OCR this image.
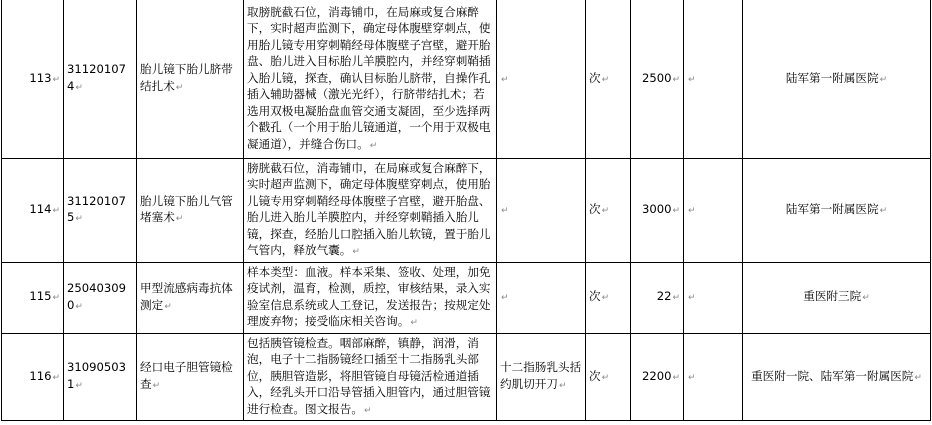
113↵	311201074↵	胎儿镜下胎儿脐带结扎术↵	取膀胱截石位，消毒铺巾，在局麻或复合麻醉下，实时超声监测下，确定母体腹壁穿刺点，使用胎儿镜专用穿刺鞘经母体腹壁子宫壁，避开胎盘、胎儿进入目标胎儿羊膜腔内，并经穿刺鞘插入胎儿镜，探查，确认目标胎儿脐带，自操作孔插入辅助器械（激光光纤），行脐带结扎术；若选用双极电凝胎盘血管交通支凝固，至少选择两个戳孔（一个用于胎儿镜通道，一个用于双极电凝通道），并缝合伤口。↵	↵	次↵	2500↵	↵	陆军第一附属医院↵
114↵	311201075↵	胎儿镜下胎儿气管堵塞术↵	膀胱截石位，消毒铺巾，在局麻或复合麻醉下，实时超声监测下，确定母体腹壁穿刺点，使用胎儿镜专用穿刺鞘经母体腹壁子宫壁，避开胎盘、胎儿进入胎儿羊膜腔内，并经穿刺鞘插入胎儿镜，探查，经胎儿口腔插入胎儿软镜，置于胎儿气管内，释放气囊。↵	↵	次↵	3000↵	↵	陆军第一附属医院↵
115↵	250403090↵	甲型流感病毒抗体测定↵	样本类型：血液。样本采集、签收、处理，加免疫试剂，温育，检测，质控，审核结果，录入实验室信息系统或人工登记，发送报告；按规定处理废弃物；接受临床相关咨询。↵	↵	次↵	22↵	↵	重医附三院↵
116↵	310905031↵	经口电子胆管镜检查↵	包括胰管镜检查。咽部麻醉，镇静，润滑，消泡，电子十二指肠镜经口插至十二指肠乳头部位，胰胆管造影，将胆管镜自母镜活检通道插入，经乳头开口沿导管插入胆管内，通过胆管镜进行检查。图文报告。↵	十二指肠乳头括约肌切开刀↵	次↵	2200↵	↵	重医附一院、陆军第一附属医院↵
